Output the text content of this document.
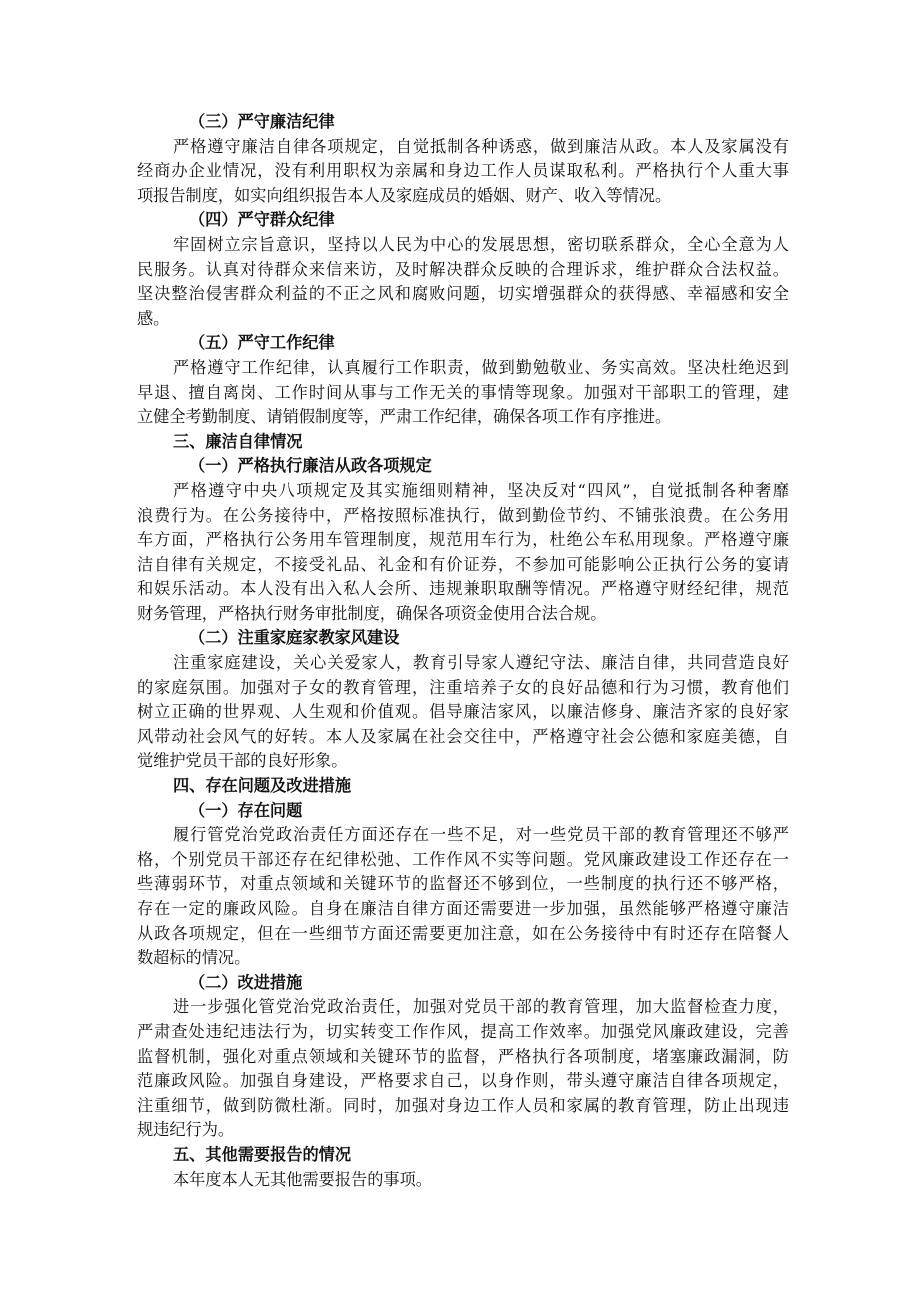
（三）严守廉洁纪律
严格遵守廉洁自律各项规定，自觉抵制各种诱惑，做到廉洁从政。本人及家属没有
经商办企业情况，没有利用职权为亲属和身边工作人员谋取私利。严格执行个人重大事
项报告制度，如实向组织报告本人及家庭成员的婚姻、财产、收入等情况。
（四）严守群众纪律
牢固树立宗旨意识，坚持以人民为中心的发展思想，密切联系群众，全心全意为人
民服务。认真对待群众来信来访，及时解决群众反映的合理诉求，维护群众合法权益。
坚决整治侵害群众利益的不正之风和腐败问题，切实增强群众的获得感、幸福感和安全
感。
（五）严守工作纪律
严格遵守工作纪律，认真履行工作职责，做到勤勉敬业、务实高效。坚决杜绝迟到
早退、擅自离岗、工作时间从事与工作无关的事情等现象。加强对干部职工的管理，建
立健全考勤制度、请销假制度等，严肃工作纪律，确保各项工作有序推进。
三、廉洁自律情况
（一）严格执行廉洁从政各项规定
严格遵守中央八项规定及其实施细则精神，坚决反对“四风”，自觉抵制各种奢靡
浪费行为。在公务接待中，严格按照标准执行，做到勤俭节约、不铺张浪费。在公务用
车方面，严格执行公务用车管理制度，规范用车行为，杜绝公车私用现象。严格遵守廉
洁自律有关规定，不接受礼品、礼金和有价证券，不参加可能影响公正执行公务的宴请
和娱乐活动。本人没有出入私人会所、违规兼职取酬等情况。严格遵守财经纪律，规范
财务管理，严格执行财务审批制度，确保各项资金使用合法合规。
（二）注重家庭家教家风建设
注重家庭建设，关心关爱家人，教育引导家人遵纪守法、廉洁自律，共同营造良好
的家庭氛围。加强对子女的教育管理，注重培养子女的良好品德和行为习惯，教育他们
树立正确的世界观、人生观和价值观。倡导廉洁家风，以廉洁修身、廉洁齐家的良好家
风带动社会风气的好转。本人及家属在社会交往中，严格遵守社会公德和家庭美德，自
觉维护党员干部的良好形象。
四、存在问题及改进措施
（一）存在问题
履行管党治党政治责任方面还存在一些不足，对一些党员干部的教育管理还不够严
格，个别党员干部还存在纪律松弛、工作作风不实等问题。党风廉政建设工作还存在一
些薄弱环节，对重点领域和关键环节的监督还不够到位，一些制度的执行还不够严格，
存在一定的廉政风险。自身在廉洁自律方面还需要进一步加强，虽然能够严格遵守廉洁
从政各项规定，但在一些细节方面还需要更加注意，如在公务接待中有时还存在陪餐人
数超标的情况。
（二）改进措施
进一步强化管党治党政治责任，加强对党员干部的教育管理，加大监督检查力度，
严肃查处违纪违法行为，切实转变工作作风，提高工作效率。加强党风廉政建设，完善
监督机制，强化对重点领域和关键环节的监督，严格执行各项制度，堵塞廉政漏洞，防
范廉政风险。加强自身建设，严格要求自己，以身作则，带头遵守廉洁自律各项规定，
注重细节，做到防微杜渐。同时，加强对身边工作人员和家属的教育管理，防止出现违
规违纪行为。
五、其他需要报告的情况
本年度本人无其他需要报告的事项。
